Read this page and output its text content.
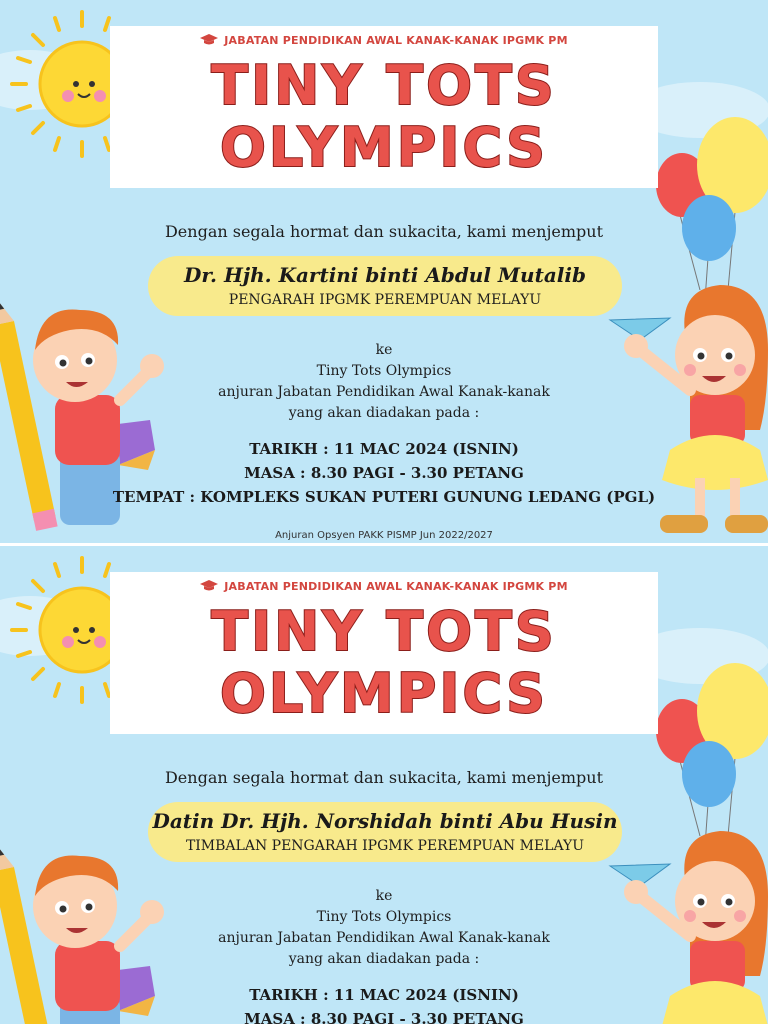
JABATAN PENDIDIKAN AWAL KANAK-KANAK IPGMK PM
TINY TOTS
OLYMPICS
Dengan segala hormat dan sukacita, kami menjemput
Dr. Hjh. Kartini binti Abdul Mutalib
PENGARAH IPGMK PEREMPUAN MELAYU
ke
Tiny Tots Olympics
anjuran Jabatan Pendidikan Awal Kanak-kanak
yang akan diadakan pada :
TARIKH : 11 MAC 2024 (ISNIN)
MASA : 8.30 PAGI - 3.30 PETANG
TEMPAT : KOMPLEKS SUKAN PUTERI GUNUNG LEDANG (PGL)
Anjuran Opsyen PAKK PISMP Jun 2022/2027
JABATAN PENDIDIKAN AWAL KANAK-KANAK IPGMK PM
TINY TOTS
OLYMPICS
Dengan segala hormat dan sukacita, kami menjemput
Datin Dr. Hjh. Norshidah binti Abu Husin
TIMBALAN PENGARAH IPGMK PEREMPUAN MELAYU
ke
Tiny Tots Olympics
anjuran Jabatan Pendidikan Awal Kanak-kanak
yang akan diadakan pada :
TARIKH : 11 MAC 2024 (ISNIN)
MASA : 8.30 PAGI - 3.30 PETANG
